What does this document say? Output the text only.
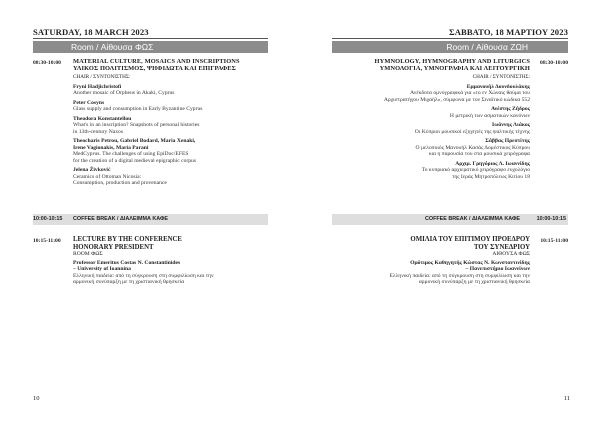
SATURDAY, 18 MARCH 2023
Room / Αίθουσα ΦΩΣ
08:30-10:00 MATERIAL CULTURE, MOSAICS AND INSCRIPTIONS
ΥΛΙΚΟΣ ΠΟΛΙΤΙΣΜΟΣ, ΨΗΦΙΔΩΤΑ ΚΑΙ ΕΠΙΓΡΑΦΕΣ
CHAIR / ΣΥΝΤΟΝΙΣΤΗΣ:
Fryni Hadjichristofi
Another mosaic of Orpheus in Akaki, Cyprus
Peter Cosyns
Glass supply and consumption in Early Byzantine Cyprus
Theodora Konstantellou
What's in an inscription? Snapshots of personal histories
in 13th-century Naxos
Theocharis Petrou, Gabriel Bodard, Maria Xenaki,
Irene Vagionakis, Maria Parani
MedCyprus. The challenges of using EpiDoc/EFES
for the creation of a digital medieval epigraphic corpus
Jelena Živković
Ceramics of Ottoman Nicosia:
Consumption, production and provenance
10:00-10:15 COFFEE BREAK / ΔΙΑΛΕΙΜΜΑ ΚΑΦΕ
10:15-11:00 LECTURE BY THE CONFERENCE
HONORARY PRESIDENT
ROOM ΦΩΣ
Professor Emeritus Costas N. Constantinides
– University of Ioannina
Ελληνική παιδεία: από τη σύγκρουση στη συμφιλίωση και την
αρμονική συνύπαρξη με τη χριστιανική θρησκεία
10
ΣΑΒΒΑΤΟ, 18 ΜΑΡΤΙΟΥ 2023
Room / Αίθουσα ΖΩΗ
08:30-10:00
HYMNOLOGY, HYMNOGRAPHY AND LITURGICS
ΥΜΝΟΛΟΓΙΑ, ΥΜΝΟΓΡΑΦΙΑ ΚΑΙ ΛΕΙΤΟΥΡΓΙΚΗ
CHAIR / ΣΥΝΤΟΝΙΣΤΗΣ:
Εμμανουήλ Δουνδουλάκης
Ανέκδοτα ομνογραφικά για «το εν Χώναις θαύμα του
Αρχιστρατήγου Μιχαήλ», σύμφωνα με τον Σιναϊτικό κώδικα 552
Ανέστης Ζήδρος
Η μετρική των ασματικών κανόνων
Ιωάννης Λιάκος
Οι Κύπριοι μουσικοί εξηγητές της ψαλτικής τέχνης
Σάββας Πρεστίτης
Ο μελοποιός Μανουήλ Κασάς Δομέστικος Κύπρου
και η παρουσία του στα μουσικά χειρόγραφα
Αρχιμ. Γρηγόριος Λ. Ιωαννίδης
Το κυπριακό αρχιερατικό χειρόγραφο ευχολόγιο
της Ιεράς Μητροπόλεως Κιτίου 18
COFFEE BREAK / ΔΙΑΛΕΙΜΜΑ ΚΑΦΕ	10:00-10:15
10:15-11:00
ΟΜΙΛΙΑ ΤΟΥ ΕΠΙΤΙΜΟΥ ΠΡΟΕΔΡΟΥ
ΤΟΥ ΣΥΝΕΔΡΙΟΥ
ΑΙΘΟΥΣΑ ΦΩΣ
Ομότιμος Καθηγητής Κώστας Ν. Κωνσταντινίδης
– Πανεπιστήμιο Ιωαννίνων
Ελληνική παιδεία: από τη σύγκρουση στη συμφιλίωση και την
αρμονική συνύπαρξη με τη χριστιανική θρησκεία
11
